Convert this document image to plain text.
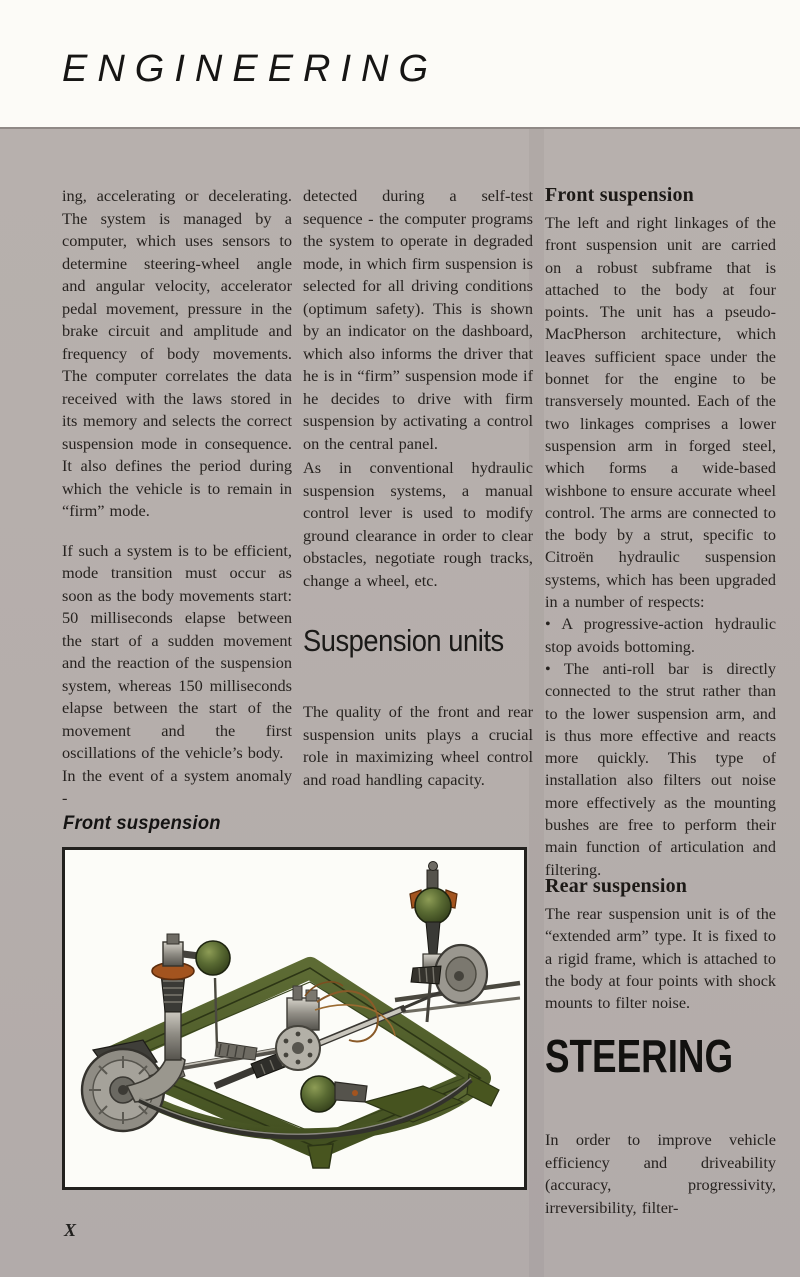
ENGINEERING

ing, accelerating or decelerating. The system is managed by a computer, which uses sensors to determine steering-wheel angle and angular velocity, accelerator pedal movement, pressure in the brake circuit and amplitude and frequency of body movements. The computer correlates the data received with the laws stored in its memory and selects the correct suspension mode in consequence. It also defines the period during which the vehicle is to remain in “firm” mode.

If such a system is to be efficient, mode transition must occur as soon as the body movements start: 50 milliseconds elapse between the start of a sudden movement and the reaction of the suspension system, whereas 150 milliseconds elapse between the start of the movement and the first oscillations of the vehicle’s body.

In the event of a system anomaly -

detected during a self-test sequence - the computer programs the system to operate in degraded mode, in which firm suspension is selected for all driving conditions (optimum safety). This is shown by an indicator on the dashboard, which also informs the driver that he is in “firm” suspension mode if he decides to drive with firm suspension by activating a control on the central panel.

As in conventional hydraulic suspension systems, a manual control lever is used to modify ground clearance in order to clear obstacles, negotiate rough tracks, change a wheel, etc.

Suspension units

The quality of the front and rear suspension units plays a crucial role in maximizing wheel control and road handling capacity.

Front suspension

The left and right linkages of the front suspension unit are carried on a robust subframe that is attached to the body at four points. The unit has a pseudo-MacPherson architecture, which leaves sufficient space under the bonnet for the engine to be transversely mounted. Each of the two linkages comprises a lower suspension arm in forged steel, which forms a wide-based wishbone to ensure accurate wheel control. The arms are connected to the body by a strut, specific to Citroën hydraulic suspension systems, which has been upgraded in a number of respects:

• A progressive-action hydraulic stop avoids bottoming.

• The anti-roll bar is directly connected to the strut rather than to the lower suspension arm, and is thus more effective and reacts more quickly. This type of installation also filters out noise more effectively as the mounting bushes are free to perform their main function of articulation and filtering.

Rear suspension

The rear suspension unit is of the “extended arm” type. It is fixed to a rigid frame, which is attached to the body at four points with shock mounts to filter noise.

STEERING

In order to improve vehicle efficiency and driveability (accuracy, progressivity, irreversibility, filter-

Front suspension

X
